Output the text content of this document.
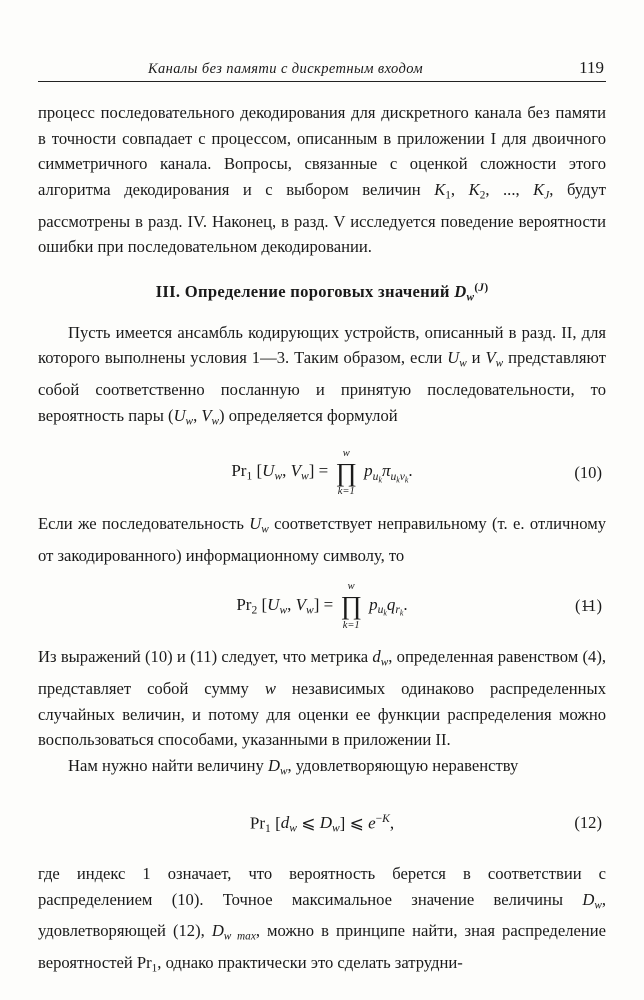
Каналы без памяти с дискретным входом	119

процесс последовательного декодирования для дискретного канала без памяти в точности совпадает с процессом, описанным в приложении I для двоичного симметричного канала. Вопросы, связанные с оценкой сложности этого алгоритма декодирования и с выбором величин $K_1$, $K_2$, ..., $K_J$, будут рассмотрены в разд. IV. Наконец, в разд. V исследуется поведение вероятности ошибки при последовательном декодировании.

III. Определение пороговых значений $D_w^{(J)}$

Пусть имеется ансамбль кодирующих устройств, описанный в разд. II, для которого выполнены условия 1—3. Таким образом, если $U_w$ и $V_w$ представляют собой соответственно посланную и принятую последовательности, то вероятность пары ($U_w$, $V_w$) определяется формулой

$Pr_1$ [$U_w$, $V_w$] =
w
∏
k=1
$p_{u_k}\pi_{u_kv_k}$.	(10)

Если же последовательность $U_w$ соответствует неправильному (т. е. отличному от закодированного) информационному символу, то

$Pr_2$ [$U_w$, $V_w$] =
w
∏
k=1
$p_{u_k}q_{r_k}$.	(11)

Из выражений (10) и (11) следует, что метрика $d_w$, определенная равенством (4), представляет собой сумму w независимых одинаково распределенных случайных величин, и потому для оценки ее функции распределения можно воспользоваться способами, указанными в приложении II.

Нам нужно найти величину $D_w$, удовлетворяющую неравенству

$Pr_1$ [$d_w$ ⩽ $D_w$] ⩽ $e^{-K}$,	(12)

где индекс 1 означает, что вероятность берется в соответствии с распределением (10). Точное максимальное значение величины $D_w$, удовлетворяющей (12), $D_{w max}$, можно в принципе найти, зная распределение вероятностей $Pr_1$, однако практически это сделать затрудни-
